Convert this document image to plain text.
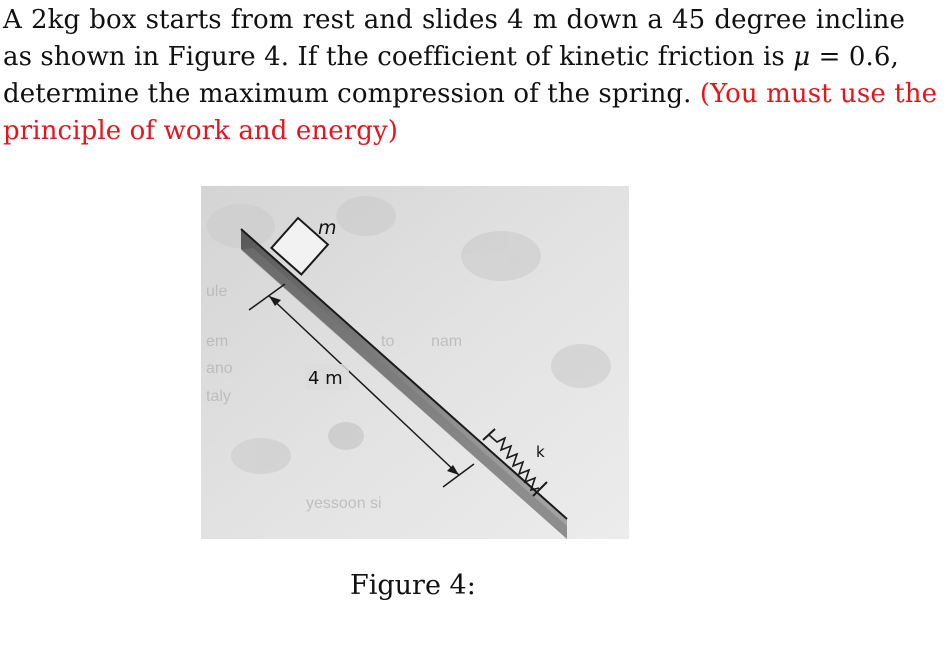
A 2kg box starts from rest and slides 4 m down a 45 degree incline
as shown in Figure 4. If the coefficient of kinetic friction is μ = 0.6,
determine the maximum compression of the spring. (You must use the
principle of work and energy)
ule
em
ano
taly
to nam
yessoon si
m
4 m
k
Figure 4:
